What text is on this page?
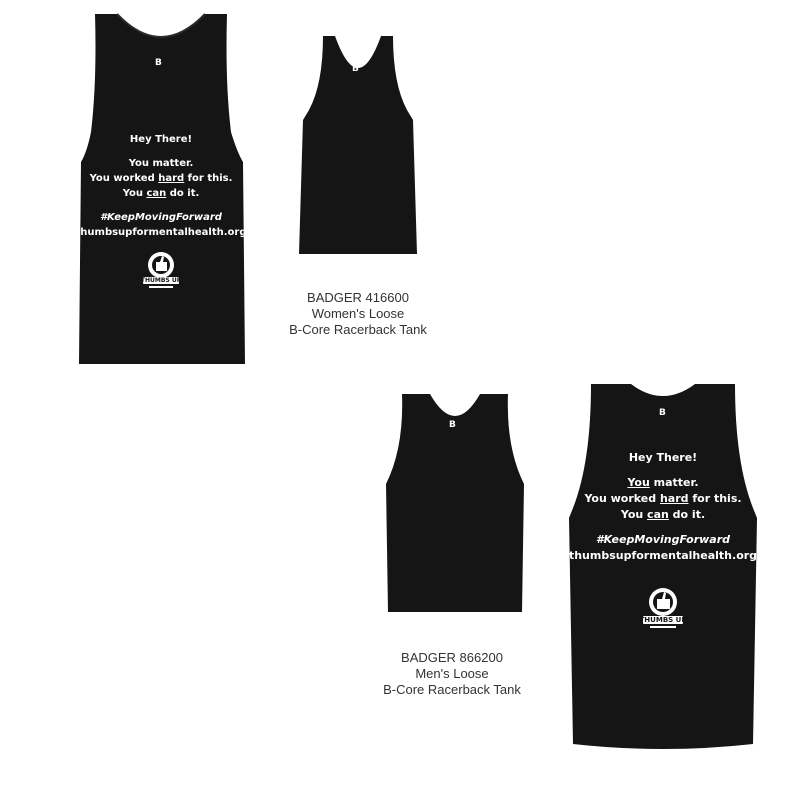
B
Hey There!
You matter.
You worked hard for this.
You can do it.
#KeepMovingForward
thumbsupformentalhealth.org
THUMBS UP
B
BADGER 416600
Women's Loose
B-Core Racerback Tank
B
BADGER 866200
Men's Loose
B-Core Racerback Tank
B
Hey There!
You matter.
You worked hard for this.
You can do it.
#KeepMovingForward
thumbsupformentalhealth.org
THUMBS UP
